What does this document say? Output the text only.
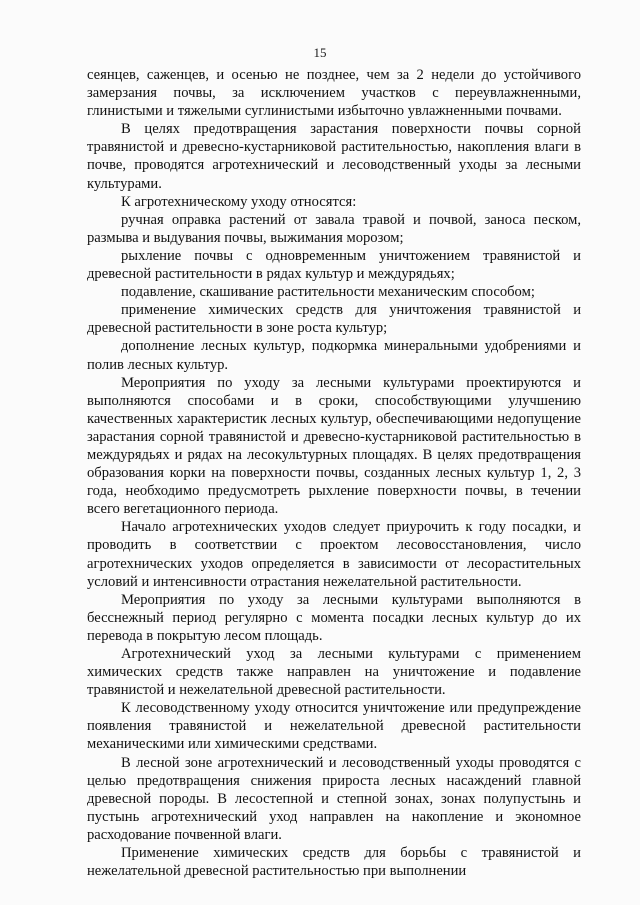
15

сеянцев, саженцев, и осенью не позднее, чем за 2 недели до устойчивого замерзания почвы, за исключением участков с переувлажненными, глинистыми и тяжелыми суглинистыми избыточно увлажненными почвами.

В целях предотвращения зарастания поверхности почвы сорной травянистой и древесно-кустарниковой растительностью, накопления влаги в почве, проводятся агротехнический и лесоводственный уходы за лесными культурами.

К агротехническому уходу относятся:

ручная оправка растений от завала травой и почвой, заноса песком, размыва и выдувания почвы, выжимания морозом;

рыхление почвы с одновременным уничтожением травянистой и древесной растительности в рядах культур и междурядьях;

подавление, скашивание растительности механическим способом;

применение химических средств для уничтожения травянистой и древесной растительности в зоне роста культур;

дополнение лесных культур, подкормка минеральными удобрениями и полив лесных культур.

Мероприятия по уходу за лесными культурами проектируются и выполняются способами и в сроки, способствующими улучшению качественных характеристик лесных культур, обеспечивающими недопущение зарастания сорной травянистой и древесно-кустарниковой растительностью в междурядьях и рядах на лесокультурных площадях. В целях предотвращения образования корки на поверхности почвы, созданных лесных культур 1, 2, 3 года, необходимо предусмотреть рыхление поверхности почвы, в течении всего вегетационного периода.

Начало агротехнических уходов следует приурочить к году посадки, и проводить в соответствии с проектом лесовосстановления, число агротехнических уходов определяется в зависимости от лесорастительных условий и интенсивности отрастания нежелательной растительности.

Мероприятия по уходу за лесными культурами выполняются в бесснежный период регулярно с момента посадки лесных культур до их перевода в покрытую лесом площадь.

Агротехнический уход за лесными культурами с применением химических средств также направлен на уничтожение и подавление травянистой и нежелательной древесной растительности.

К лесоводственному уходу относится уничтожение или предупреждение появления травянистой и нежелательной древесной растительности механическими или химическими средствами.

В лесной зоне агротехнический и лесоводственный уходы проводятся с целью предотвращения снижения прироста лесных насаждений главной древесной породы. В лесостепной и степной зонах, зонах полупустынь и пустынь агротехнический уход направлен на накопление и экономное расходование почвенной влаги.

Применение химических средств для борьбы с травянистой и нежелательной древесной растительностью при выполнении
